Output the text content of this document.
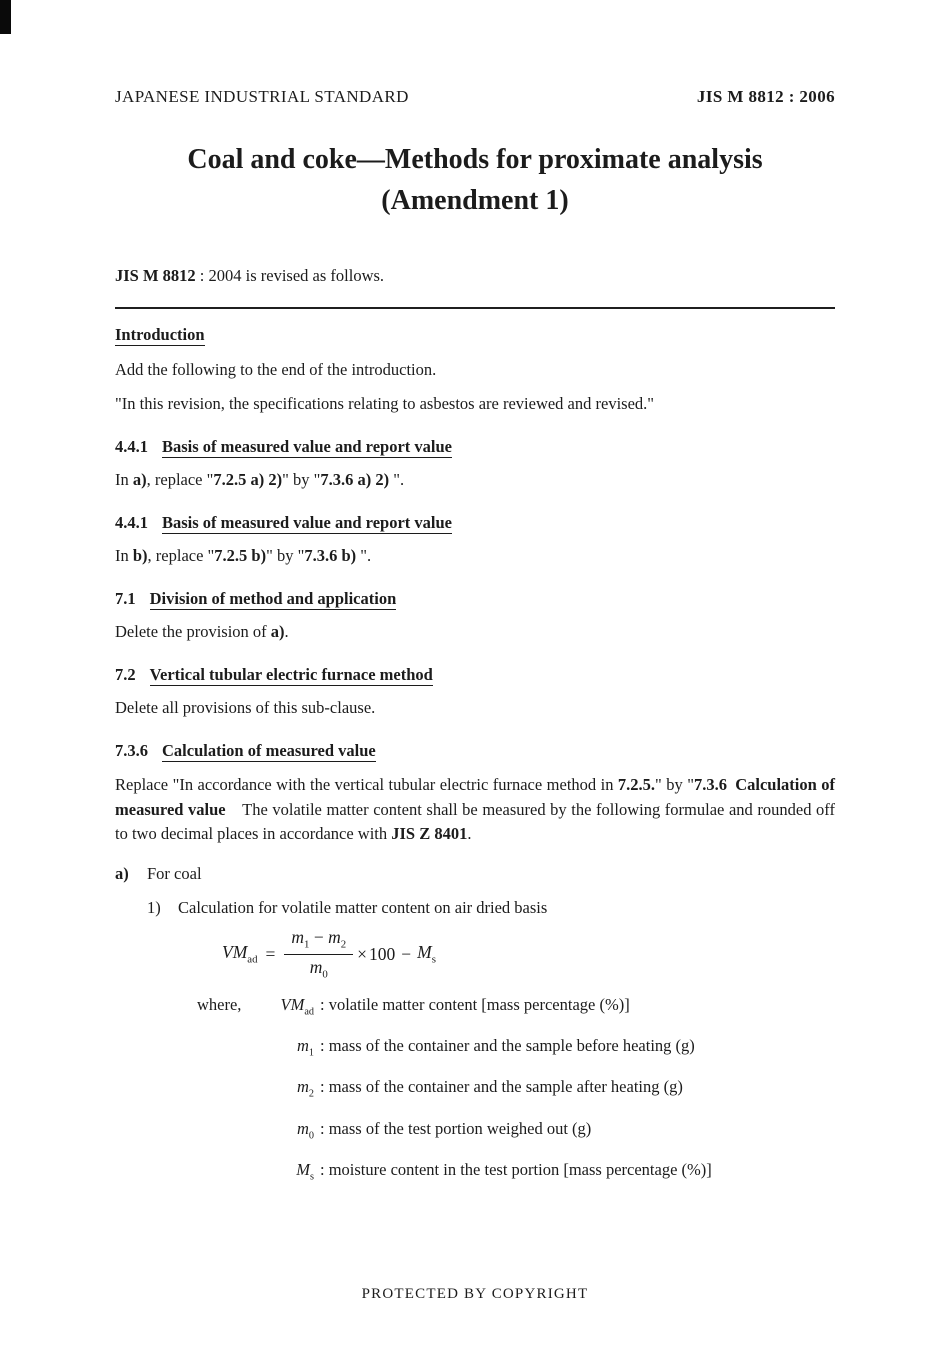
JAPANESE INDUSTRIAL STANDARD	JIS M 8812 : 2006
Coal and coke—Methods for proximate analysis
(Amendment 1)
JIS M 8812 : 2004 is revised as follows.
Introduction
Add the following to the end of the introduction.
"In this revision, the specifications relating to asbestos are reviewed and revised."
4.4.1 Basis of measured value and report value
In a), replace "7.2.5 a) 2)" by "7.3.6 a) 2) ".
4.4.1 Basis of measured value and report value
In b), replace "7.2.5 b)" by "7.3.6 b) ".
7.1 Division of method and application
Delete the provision of a).
7.2 Vertical tubular electric furnace method
Delete all provisions of this sub-clause.
7.3.6 Calculation of measured value
Replace "In accordance with the vertical tubular electric furnace method in 7.2.5." by "7.3.6 Calculation of measured value The volatile matter content shall be measured by the following formulae and rounded off to two decimal places in accordance with JIS Z 8401.
a) For coal
1) Calculation for volatile matter content on air dried basis
$VM_{ad} = \frac{m_1 - m_2}{m_0} \times 100 - M_s$
where,	$VM_{ad}$ : volatile matter content [mass percentage (%)]
$m_1$ : mass of the container and the sample before heating (g)
$m_2$ : mass of the container and the sample after heating (g)
$m_0$ : mass of the test portion weighed out (g)
$M_s$ : moisture content in the test portion [mass percentage (%)]
PROTECTED BY COPYRIGHT
